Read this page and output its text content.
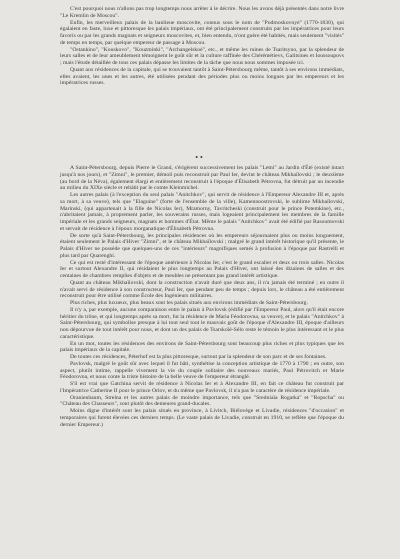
C'est pourquoi nous n'allons pas trop longtemps nous arrêter à le décrire. Nous les avons déjà présentés dans notre livre "Le Kremlin de Moscou".

Enfin, les merveilleux palais de la banlieue moscovite, connus sous le nom de "Podmoskovnyé" (1770-1830), qui égalaient en faste, luxe et pittoresque les palais impériaux, ont été principalement construits par les impératrices pour leurs favoris ou par les grands magnats et seigneurs moscovites, et, bien entendu, n'ont guère été habités, mais seulement "visités" de temps en temps, par quelque empereur de passage à Moscou.

"Ostankino", "Kouskovo", "Kouzminki", "Archangelskoé", etc., et même les ruines de Tsaritsyno, par la splendeur de leurs salles et de leur ameublement témoignent le goût sûr et la culture raffinée des Chérémétievs, Galitsines et Ioussoupovs ; mais l'étude détaillée de tous ces palais dépasse les limites de la tâche que nous nous sommes imposée ici.

Quant aux résidences de la capitale, qui se trouvaient tantôt à Saint-Pétersbourg même, tantôt à ses environs immédiats, elles avaient, les unes et les autres, été utilisées pendant des périodes plus ou moins longues par les empereurs et les impératrices russes.

••

A Saint-Pétersbourg, depuis Pierre le Grand, s'érigèrent successivement les palais "Letni" au Jardin d'Été (existé intact jusqu'à nos jours), et "Zimni", le premier, démoli puis reconstruit par Paul Ier, devint le château Mikhaïlovski ; le deuxième (au bord de la Néva), également élargi et entièrement reconstruit à l'époque d'Élisabeth Pétrovna, fut détruit par un incendie au milieu du XIXe siècle et rebâtit par le comte Kleinmichel.

Les autres palais (à l'exception du seul palais "Anitchkov", qui servit de résidence à l'Empereur Alexandre III et, après sa mort, à sa veuve), tels que "Elaguine" (forte de l'ensemble de la ville), Kamennoostrovski, le sublime Mikhaïlovski, Marinski, (qui appartenait à la fille de Nicolas Ier), Mramorny, Tavritcheski (construit pour le prince Potemkine), etc., n'abritaient jamais, à proprement parler, les souverains russes, mais logeaient principalement les membres de la famille impériale et les grands seigneurs, magnats et hommes d'État. Même le palais "Anitchkov" avait été édifié par Rasoumovski et servait de résidence à l'époux morganatique d'Élisabeth Pétrovna.

De sorte qu'à Saint-Pétersbourg, les principales résidences où les empereurs séjournaient plus ou moins longuement, étaient seulement le Palais d'Hiver "Zimni", et le château Mikhaïlovski ; malgré le grand intérêt historique qu'il présente, le Palais d'Hiver ne possède que quelques-uns de ces "intérieurs" magnifiques semés à profusion à l'époque par Rastrelli et plus tard par Quarenghi.

Ce qui est resté d'intéressant de l'époque antérieure à Nicolas Ier, c'est le grand escalier et deux ou trois salles. Nicolas Ier et surtout Alexandre II, qui résidaient le plus longtemps au Palais d'Hiver, ont laissé des dizaines de salles et des centaines de chambres remplies d'objets et de meubles ne présentant pas grand intérêt artistique.

Quant au château Mikhaïlovski, dont la construction n'avait duré que deux ans, il n'a jamais été terminé ; en outre il n'avait servi de résidence à son constructeur, Paul Ier, que pendant peu de temps ; depuis lors, le château a été entièrement reconstruit pour être utilisé comme École des Ingénieurs militaires.

Plus riches, plus luxueux, plus beaux sont les palais situés aux environs immédiats de Saint-Pétersbourg.

Il n'y a, par exemple, aucune comparaison entre le palais à Pavlovsk (édifié par l'Empereur Paul, alors qu'il était encore héritier du trône, et qui longtemps après sa mort, fut la résidence de Maria Féodorovna, sa veuve), et le palais "Anitchkov" à Saint-Pétersbourg, qui symbolise presque à lui tout seul tout le mauvais goût de l'époque d'Alexandre III, époque d'ailleurs non dépourvue de tout intérêt pour nous, et dont un des palais de Tsarskoïé-Sélo reste le témoin le plus intéressant et le plus caractéristique.

En un mot, toutes les résidences des environs de Saint-Pétersbourg sont beaucoup plus riches et plus typiques que les palais impériaux de la capitale.

De toutes ces résidences, Péterhof est la plus pittoresque, surtout par la splendeur de son parc et de ses fontaines.

Pavlovsk, malgré le goût sûr avec lequel il fut bâti, synthétise la conception artistique de 1770 à 1790 ; en outre, son aspect, plutôt intime, rappelle vivement la vie du couple solitaire des nouveaux mariés, Paul Pétrovitch et Marie Féodorovna, et nous conte la triste histoire de la belle veuve de l'empereur étranglé.

S'il est vrai que Gatchina servit de résidence à Nicolas Ier et à Alexandre III, en fait ce château fut construit par l'Impératrice Catherine II pour le prince Orlov, et du même que Pavlovsk, il n'a pas le caractère de résidence impériale.

Oranienbaum, Strelna et les autres palais de moindre importance, tels que "Sredniaïa Rogatka" et "Ropscha" ou "Château des Chasseurs", sont plutôt des demeures grand-ducales.

Moins digne d'intérêt sont les palais situés en province, à Livitch, Biélovège et Livadie, résidences "d'occasion" et temporaires qui furent élevées ces derniers temps. (Le vaste palais de Livadie, construit en 1910, se reflète que l'époque du dernier Empereur.)
